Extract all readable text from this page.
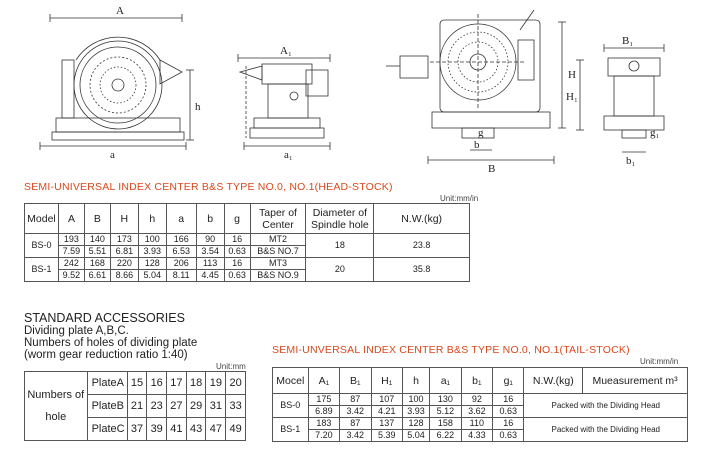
A
h
a
A₁
a₁
H
B
b
g
B₁
H₁
b₁
g₁
SEMI-UNIVERSAL INDEX CENTER B&S TYPE NO.0, NO.1(HEAD-STOCK)
Unit:mm/in
Model	A	B	H	h	a	b	g	Taper of Center	Diameter of Spindle hole	N.W.(kg)
BS-0	193	140	173	100	166	90	16	MT2	18	23.8
	7.59	5.51	6.81	3.93	6.53	3.54	0.63	B&S NO.7		
BS-1	242	168	220	128	206	113	16	MT3	20	35.8
	9.52	6.61	8.66	5.04	8.11	4.45	0.63	B&S NO.9		
STANDARD ACCESSORIES
Dividing plate A,B,C.
Numbers of holes of dividing plate
(worm gear reduction ratio 1:40)
Unit:mm
Numbers of hole	PlateA	15	16	17	18	19	20
	PlateB	21	23	27	29	31	33
	PlateC	37	39	41	43	47	49
SEMI-UNVERSAL INDEX CENTER B&S TYPE NO.0, NO.1(TAIL-STOCK)
Unit:mm/in
Mocel	A₁	B₁	H₁	h	a₁	b₁	g₁	N.W.(kg)	Mueasurement m³
BS-0	175	87	107	100	130	92	16	Packed with the Dividing Head	
	6.89	3.42	4.21	3.93	5.12	3.62	0.63		
BS-1	183	87	137	128	158	110	16	Packed with the Dividing Head	
	7.20	3.42	5.39	5.04	6.22	4.33	0.63		
